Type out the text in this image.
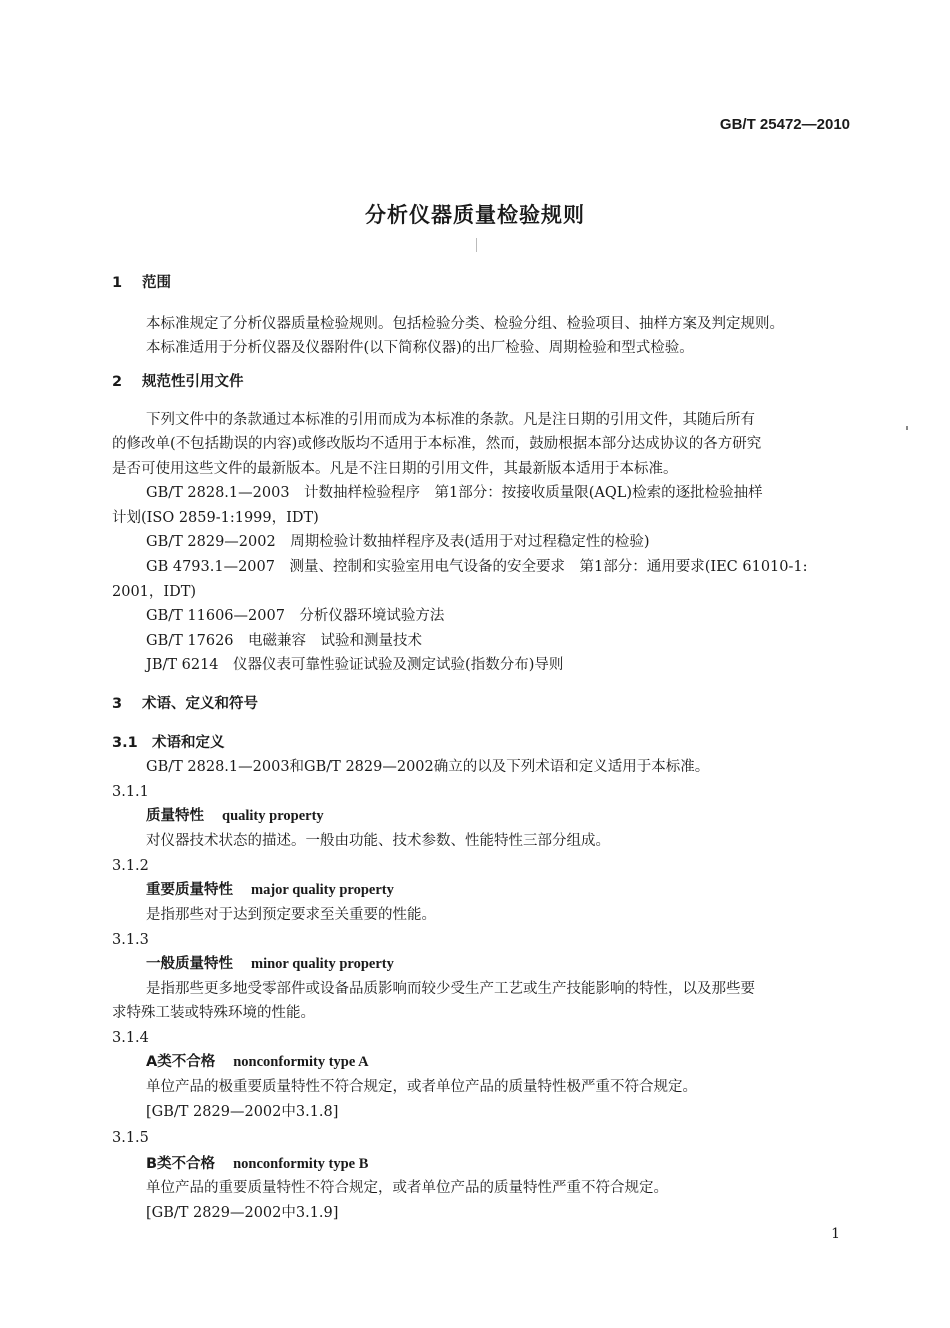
GB/T 25472—2010
分析仪器质量检验规则
1 范围
本标准规定了分析仪器质量检验规则。包括检验分类、检验分组、检验项目、抽样方案及判定规则。
本标准适用于分析仪器及仪器附件(以下简称仪器)的出厂检验、周期检验和型式检验。
2 规范性引用文件
下列文件中的条款通过本标准的引用而成为本标准的条款。凡是注日期的引用文件，其随后所有
的修改单(不包括勘误的内容)或修改版均不适用于本标准，然而，鼓励根据本部分达成协议的各方研究
是否可使用这些文件的最新版本。凡是不注日期的引用文件，其最新版本适用于本标准。
GB/T 2828.1—2003　计数抽样检验程序　第1部分：按接收质量限(AQL)检索的逐批检验抽样
计划(ISO 2859-1:1999，IDT)
GB/T 2829—2002　周期检验计数抽样程序及表(适用于对过程稳定性的检验)
GB 4793.1—2007　测量、控制和实验室用电气设备的安全要求　第1部分：通用要求(IEC 61010-1:
2001，IDT)
GB/T 11606—2007　分析仪器环境试验方法
GB/T 17626　电磁兼容　试验和测量技术
JB/T 6214　仪器仪表可靠性验证试验及测定试验(指数分布)导则
3 术语、定义和符号
3.1 术语和定义
GB/T 2828.1—2003和GB/T 2829—2002确立的以及下列术语和定义适用于本标准。
3.1.1
质量特性 quality property
对仪器技术状态的描述。一般由功能、技术参数、性能特性三部分组成。
3.1.2
重要质量特性 major quality property
是指那些对于达到预定要求至关重要的性能。
3.1.3
一般质量特性 minor quality property
是指那些更多地受零部件或设备品质影响而较少受生产工艺或生产技能影响的特性，以及那些要
求特殊工装或特殊环境的性能。
3.1.4
A类不合格 nonconformity type A
单位产品的极重要质量特性不符合规定，或者单位产品的质量特性极严重不符合规定。
[GB/T 2829—2002中3.1.8]
3.1.5
B类不合格 nonconformity type B
单位产品的重要质量特性不符合规定，或者单位产品的质量特性严重不符合规定。
[GB/T 2829—2002中3.1.9]
1
